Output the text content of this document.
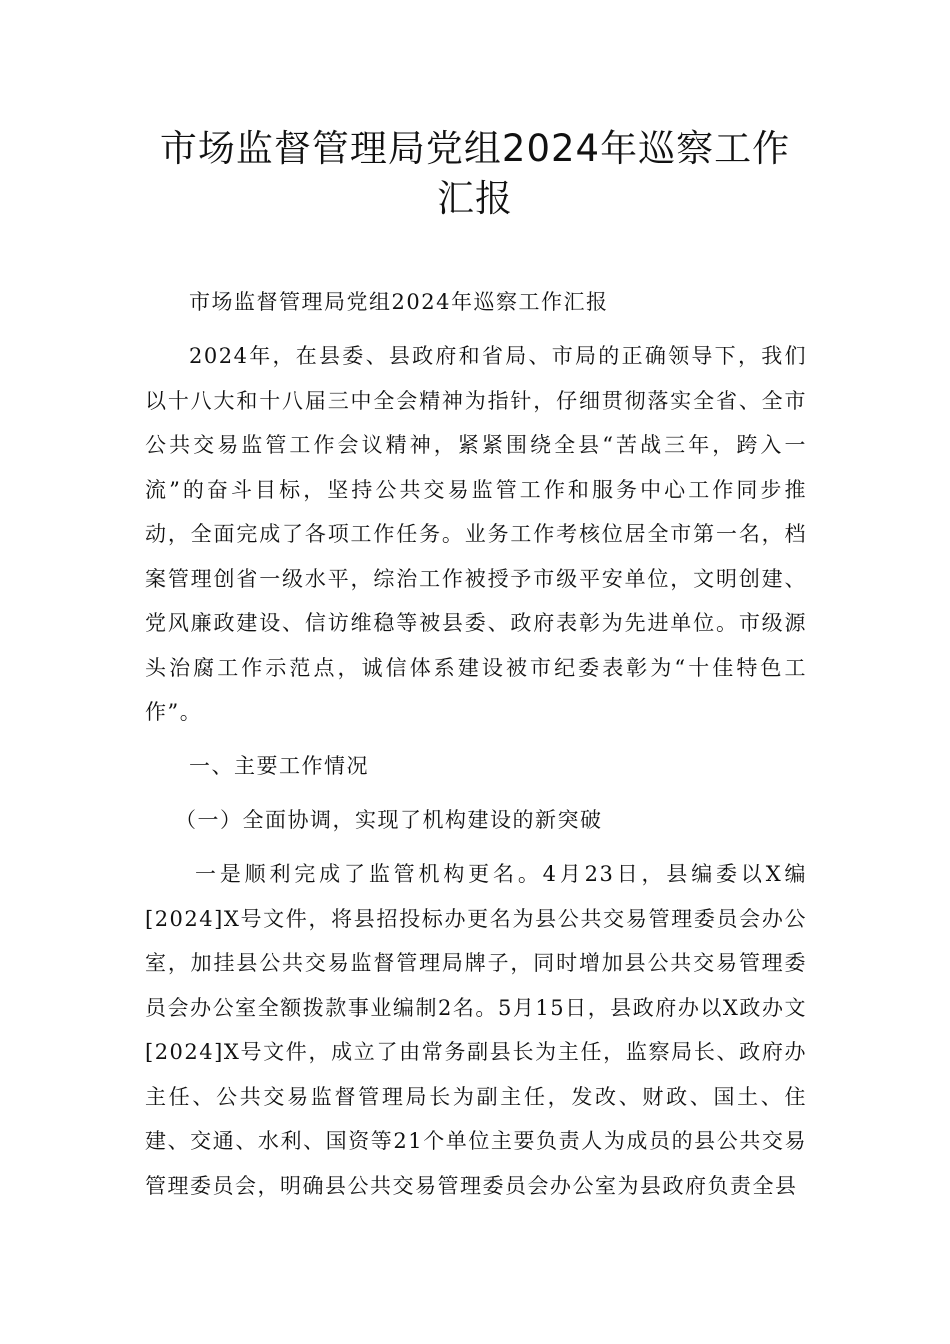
市场监督管理局党组2024年巡察工作
汇报

市场监督管理局党组2024年巡察工作汇报

2024年，在县委、县政府和省局、市局的正确领导下，我们以十八大和十八届三中全会精神为指针，仔细贯彻落实全省、全市公共交易监管工作会议精神，紧紧围绕全县“苦战三年，跨入一流”的奋斗目标，坚持公共交易监管工作和服务中心工作同步推动，全面完成了各项工作任务。业务工作考核位居全市第一名，档案管理创省一级水平，综治工作被授予市级平安单位，文明创建、党风廉政建设、信访维稳等被县委、政府表彰为先进单位。市级源头治腐工作示范点，诚信体系建设被市纪委表彰为“十佳特色工作”。

一、主要工作情况

（一）全面协调，实现了机构建设的新突破

一是顺利完成了监管机构更名。4月23日，县编委以X编[2024]X号文件，将县招投标办更名为县公共交易管理委员会办公室，加挂县公共交易监督管理局牌子，同时增加县公共交易管理委员会办公室全额拨款事业编制2名。5月15日，县政府办以X政办文[2024]X号文件，成立了由常务副县长为主任，监察局长、政府办主任、公共交易监督管理局长为副主任，发改、财政、国土、住建、交通、水利、国资等21个单位主要负责人为成员的县公共交易管理委员会，明确县公共交易管理委员会办公室为县政府负责全县
